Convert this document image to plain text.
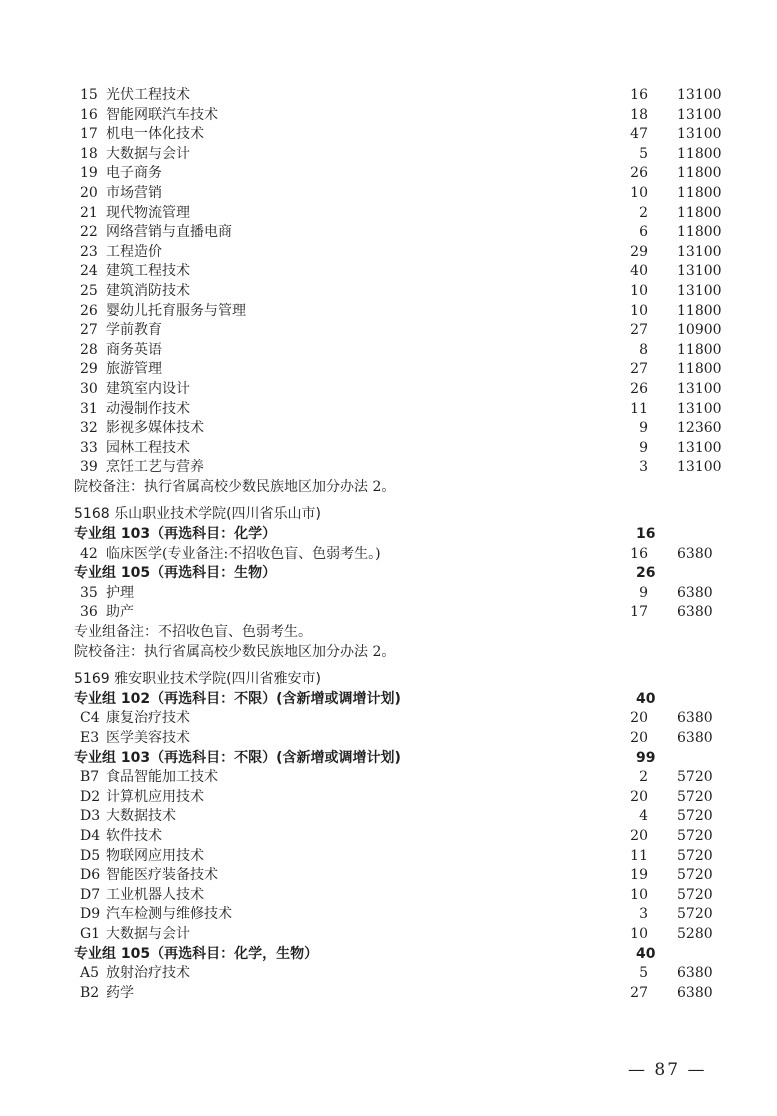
15 光伏工程技术	16 13100
16 智能网联汽车技术	18 13100
17 机电一体化技术	47 13100
18 大数据与会计	5 11800
19 电子商务	26 11800
20 市场营销	10 11800
21 现代物流管理	2 11800
22 网络营销与直播电商	6 11800
23 工程造价	29 13100
24 建筑工程技术	40 13100
25 建筑消防技术	10 13100
26 婴幼儿托育服务与管理	10 11800
27 学前教育	27 10900
28 商务英语	8 11800
29 旅游管理	27 11800
30 建筑室内设计	26 13100
31 动漫制作技术	11 13100
32 影视多媒体技术	9 12360
33 园林工程技术	9 13100
39 烹饪工艺与营养	3 13100
院校备注：执行省属高校少数民族地区加分办法 2。
5168 乐山职业技术学院(四川省乐山市)
专业组 103（再选科目：化学）	16
42 临床医学(专业备注:不招收色盲、色弱考生。)	16 6380
专业组 105（再选科目：生物）	26
35 护理	9 6380
36 助产	17 6380
专业组备注：不招收色盲、色弱考生。
院校备注：执行省属高校少数民族地区加分办法 2。
5169 雅安职业技术学院(四川省雅安市)
专业组 102（再选科目：不限）(含新增或调增计划)	40
C4 康复治疗技术	20 6380
E3 医学美容技术	20 6380
专业组 103（再选科目：不限）(含新增或调增计划)	99
B7 食品智能加工技术	2 5720
D2 计算机应用技术	20 5720
D3 大数据技术	4 5720
D4 软件技术	20 5720
D5 物联网应用技术	11 5720
D6 智能医疗装备技术	19 5720
D7 工业机器人技术	10 5720
D9 汽车检测与维修技术	3 5720
G1 大数据与会计	10 5280
专业组 105（再选科目：化学，生物）	40
A5 放射治疗技术	5 6380
B2 药学	27 6380
— 87 —
